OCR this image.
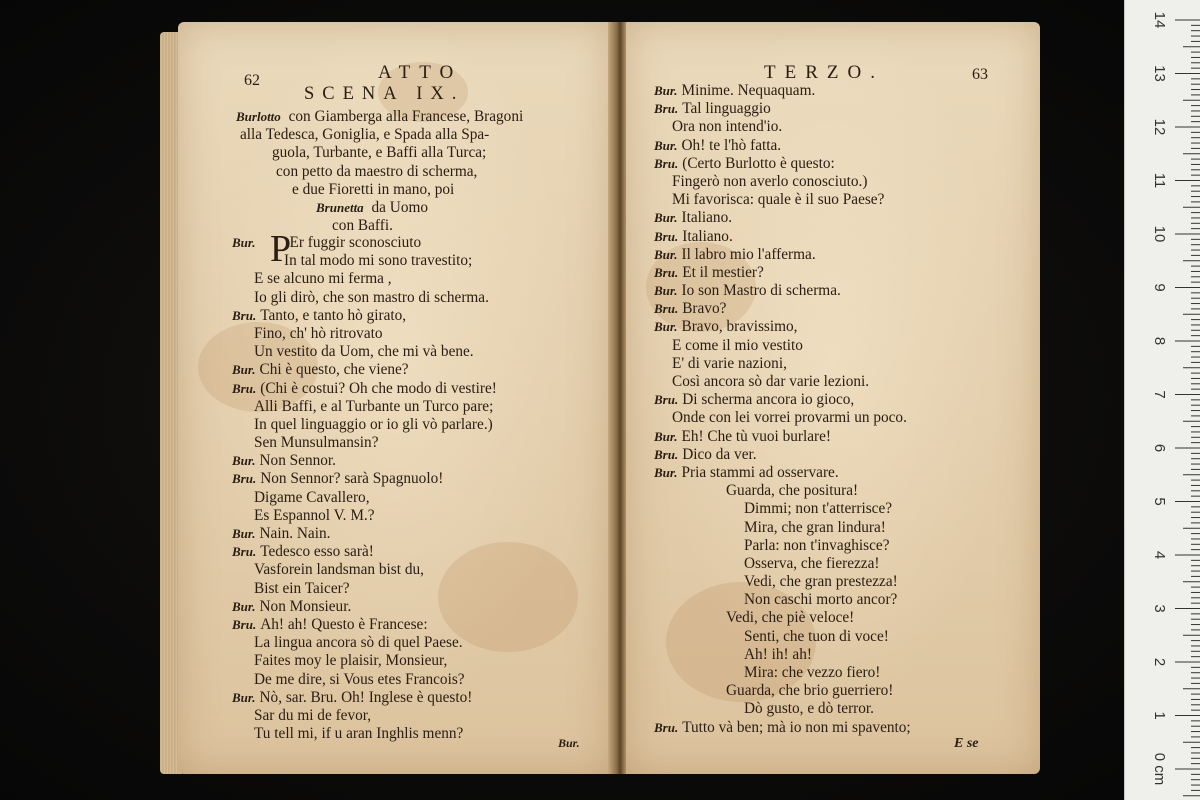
62	ATTO
SCENA IX.
Burlotto con Giamberga alla Francese, Bragoni
alla Tedesca, Goniglia, e Spada alla Spa-
guola, Turbante, e Baffi alla Turca;
con petto da maestro di scherma,
e due Fioretti in mano, poi
Brunetta da Uomo
con Baffi.
P
Bur. Er fuggir sconosciuto
In tal modo mi sono travestito;
E se alcuno mi ferma ,
Io gli dirò, che son mastro di scherma.
Bru. Tanto, e tanto hò girato,
Fino, ch' hò ritrovato
Un vestito da Uom, che mi và bene.
Bur. Chi è questo, che viene?
Bru. (Chi è costui? Oh che modo di vestire!
Alli Baffi, e al Turbante un Turco pare;
In quel linguaggio or io gli vò parlare.)
Sen Munsulmansin?
Bur. Non Sennor.
Bru. Non Sennor? sarà Spagnuolo!
Digame Cavallero,
Es Espannol V. M.?
Bur. Nain. Nain.
Bru. Tedesco esso sarà!
Vasforein landsman bist du,
Bist ein Taicer?
Bur. Non Monsieur.
Bru. Ah! ah! Questo è Francese:
La lingua ancora sò di quel Paese.
Faites moy le plaisir, Monsieur,
De me dire, si Vous etes Francois?
Bur. Nò, sar. Bru. Oh! Inglese è questo!
Sar du mi de fevor,
Tu tell mi, if u aran Inghlis menn?
Bur.
TERZO.	63
Bur. Minime. Nequaquam.
Bru. Tal linguaggio
Ora non intend'io.
Bur. Oh! te l'hò fatta.
Bru. (Certo Burlotto è questo:
Fingerò non averlo conosciuto.)
Mi favorisca: quale è il suo Paese?
Bur. Italiano.
Bru. Italiano.
Bur. Il labro mio l'afferma.
Bru. Et il mestier?
Bur. Io son Mastro di scherma.
Bru. Bravo?
Bur. Bravo, bravissimo,
E come il mio vestito
E' di varie nazioni,
Così ancora sò dar varie lezioni.
Bru. Di scherma ancora io gioco,
Onde con lei vorrei provarmi un poco.
Bur. Eh! Che tù vuoi burlare!
Bru. Dico da ver.
Bur. Pria stammi ad osservare.
Guarda, che positura!
Dimmi; non t'atterrisce?
Mira, che gran lindura!
Parla: non t'invaghisce?
Osserva, che fierezza!
Vedi, che gran prestezza!
Non caschi morto ancor?
Vedi, che piè veloce!
Senti, che tuon di voce!
Ah! ih! ah!
Mira: che vezzo fiero!
Guarda, che brio guerriero!
Dò gusto, e dò terror.
Bru. Tutto và ben; mà io non mi spavento;
E se
14
13
12
11
10
9
8
7
6
5
4
3
2
1
0 cm
